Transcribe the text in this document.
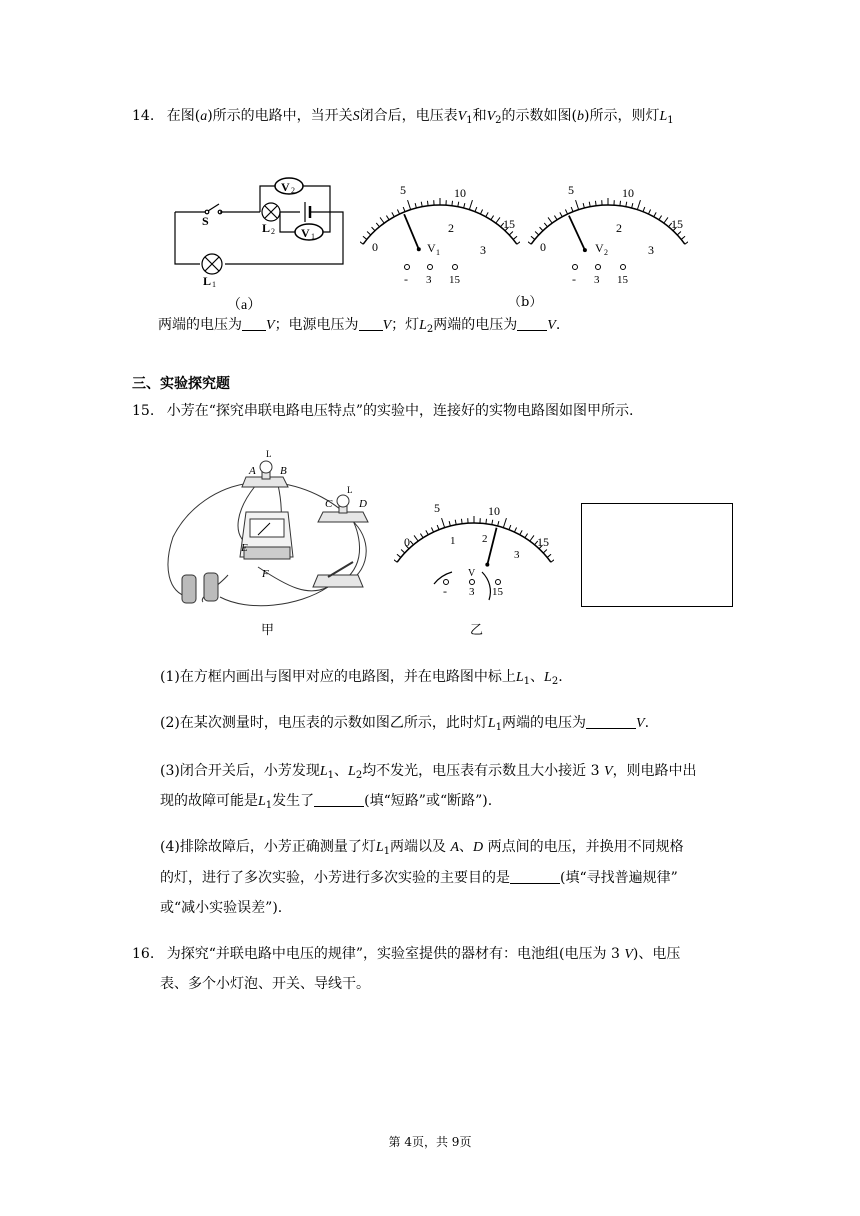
14. 在图(a)所示的电路中，当开关S闭合后，电压表$V_1$和$V_2$的示数如图(b)所示，则灯$L_1$
V 2
V 1
S	L 2
L 1
（a）
5	10
15
0
2
3
V 1
- 3 15
5	10
15
0
2
3
V 2
- 3 15
（b）
两端的电压为 V；电源电压为 V；灯$L_2$两端的电压为 V.
三、实验探究题
15. 小芳在“探究串联电路电压特点”的实验中，连接好的实物电路图如图甲所示.
A B
L
C D
L
E
F
甲
5	10
15
0	1 2
3
V
- 3 15
乙
(1)在方框内画出与图甲对应的电路图，并在电路图中标上$L_1$、$L_2$.
(2)在某次测量时，电压表的示数如图乙所示，此时灯$L_1$两端的电压为	V.
(3)闭合开关后，小芳发现$L_1$、$L_2$均不发光，电压表有示数且大小接近 3 V，则电路中出
现的故障可能是$L_1$发生了	(填“短路”或“断路”).
(4)排除故障后，小芳正确测量了灯$L_1$两端以及 A、D 两点间的电压，并换用不同规格
的灯，进行了多次实验，小芳进行多次实验的主要目的是	(填“寻找普遍规律”
或“减小实验误差”).
16. 为探究“并联电路中电压的规律”，实验室提供的器材有：电池组(电压为 3 V)、电压
表、多个小灯泡、开关、导线干。
第 4页，共 9页
